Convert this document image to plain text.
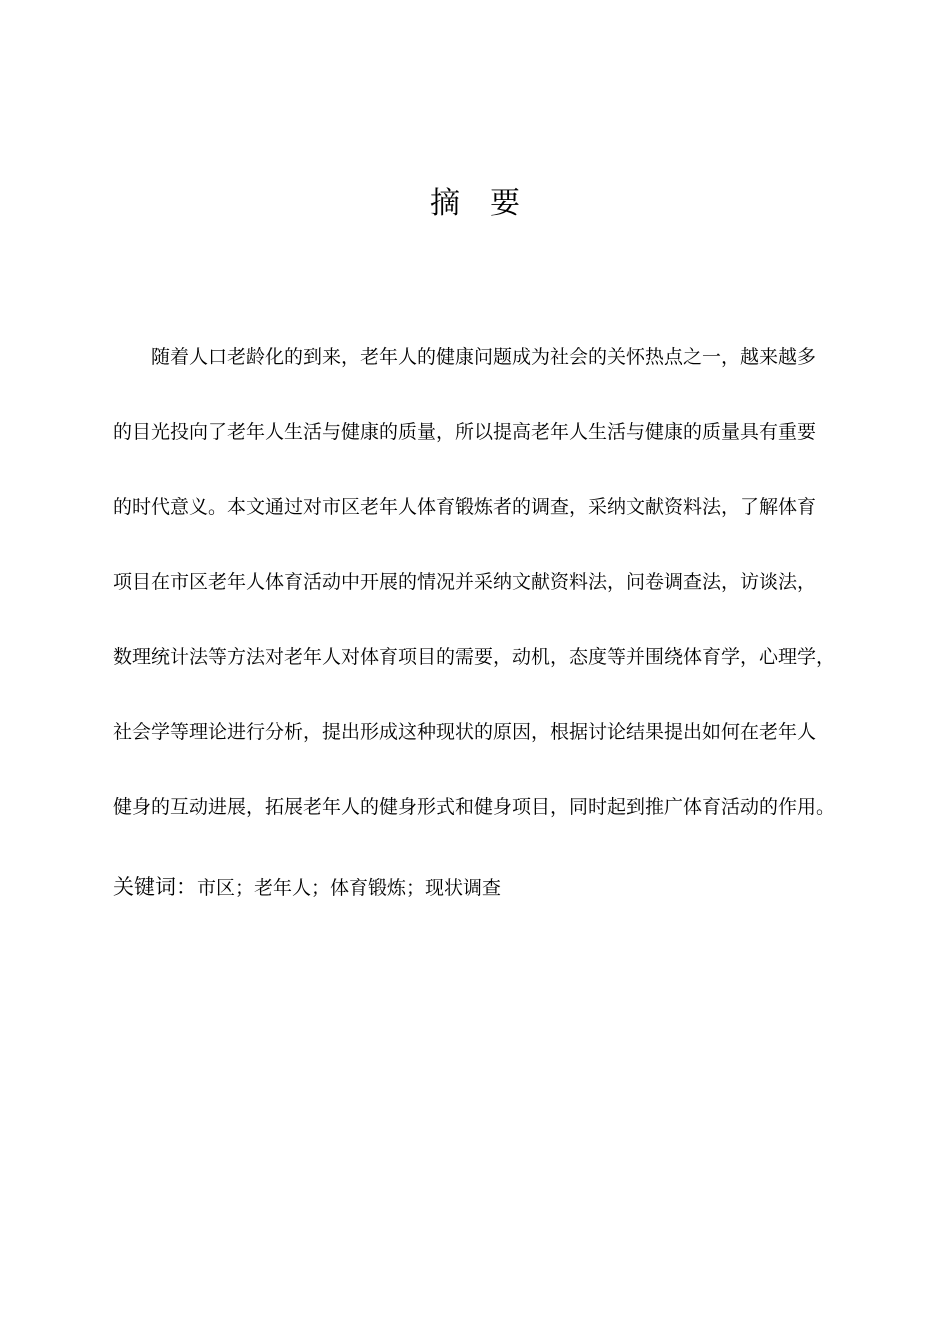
摘　要
随着人口老龄化的到来，老年人的健康问题成为社会的关怀热点之一，越来越多
的目光投向了老年人生活与健康的质量，所以提高老年人生活与健康的质量具有重要
的时代意义。本文通过对市区老年人体育锻炼者的调查，采纳文献资料法，了解体育
项目在市区老年人体育活动中开展的情况并采纳文献资料法，问卷调查法，访谈法，
数理统计法等方法对老年人对体育项目的需要，动机，态度等并围绕体育学，心理学，
社会学等理论进行分析，提出形成这种现状的原因，根据讨论结果提出如何在老年人
健身的互动进展，拓展老年人的健身形式和健身项目，同时起到推广体育活动的作用。
关键词：市区；老年人；体育锻炼；现状调查
